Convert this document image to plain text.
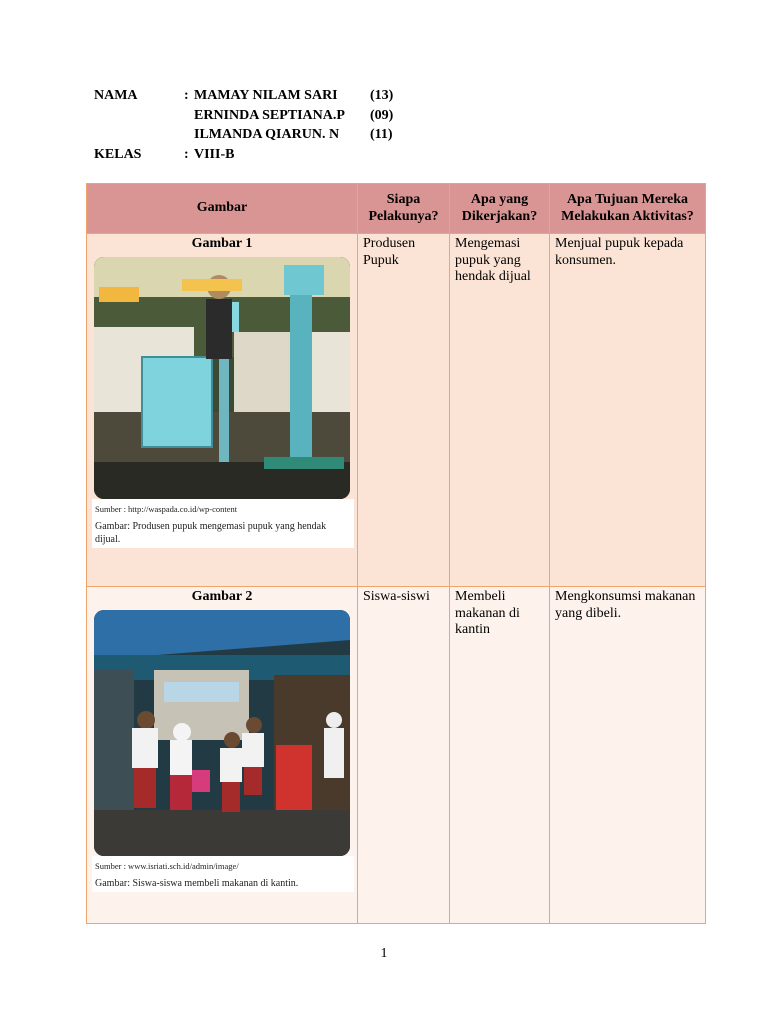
NAMA	: MAMAY NILAM SARI	(13)
ERNINDA SEPTIANA.P	(09)
ILMANDA QIARUN. N	(11)
KELAS	: VIII-B
Gambar	Siapa Pelakunya?	Apa yang Dikerjakan?	Apa Tujuan Mereka Melakukan Aktivitas?

Gambar 1
Sumber : http://waspada.co.id/wp-content
Gambar: Produsen pupuk mengemasi pupuk yang hendak dijual.	Produsen Pupuk	Mengemasi pupuk yang hendak dijual	Menjual pupuk kepada konsumen.

Gambar 2
Sumber : www.isriati.sch.id/admin/image/
Gambar: Siswa-siswa membeli makanan di kantin.	Siswa-siswi	Membeli makanan di kantin	Mengkonsumsi makanan yang dibeli.
1
